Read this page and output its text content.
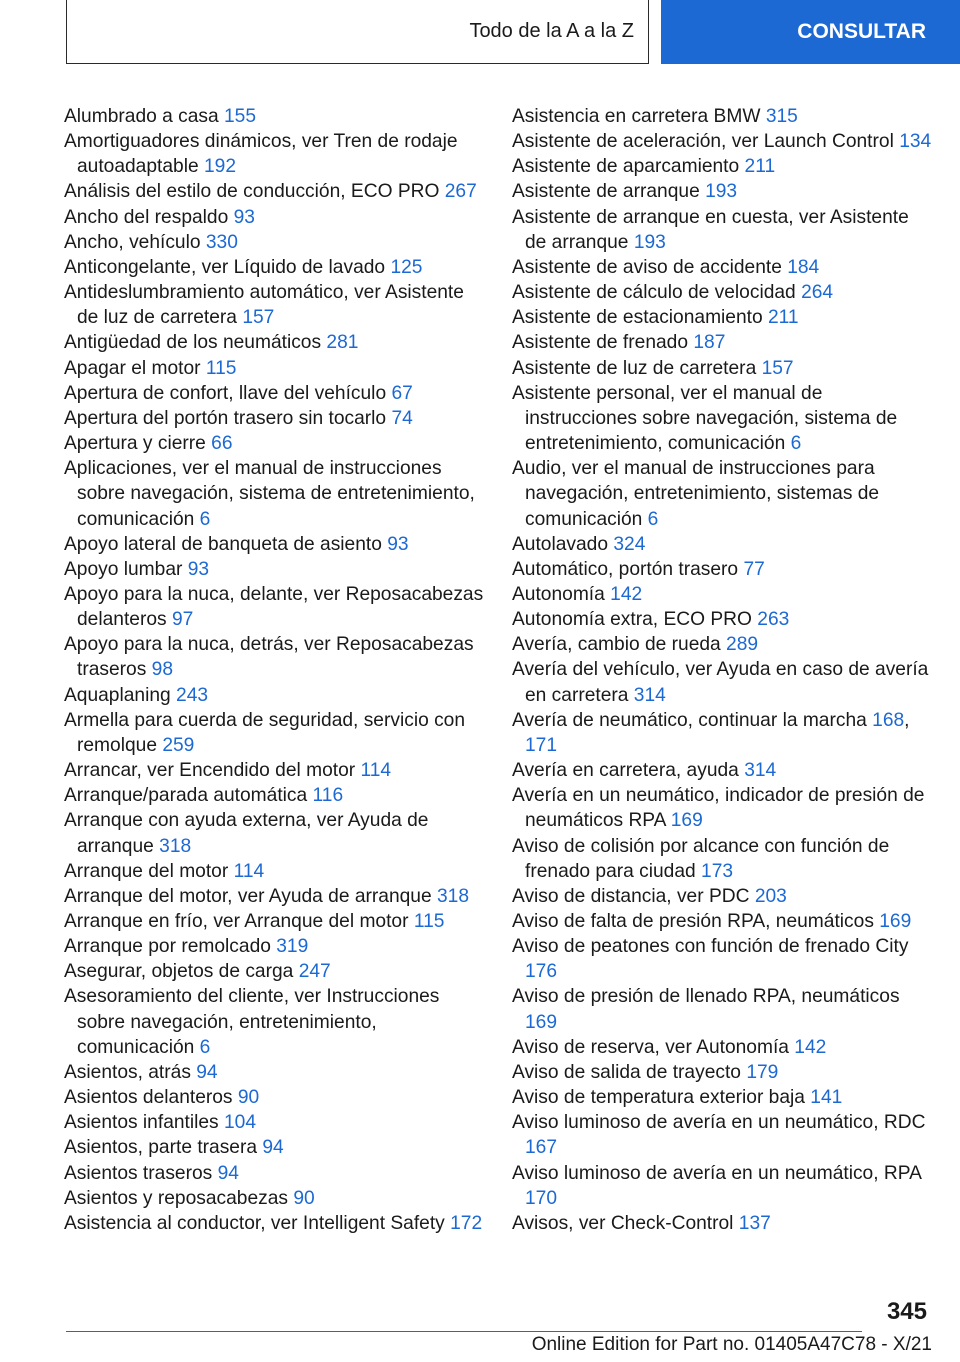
Todo de la A a la Z	CONSULTAR
Alumbrado a casa 155
Amortiguadores dinámicos, ver Tren de rodaje autoadaptable 192
Análisis del estilo de conducción, ECO PRO 267
Ancho del respaldo 93
Ancho, vehículo 330
Anticongelante, ver Líquido de lavado 125
Antideslumbramiento automático, ver Asistente de luz de carretera 157
Antigüedad de los neumáticos 281
Apagar el motor 115
Apertura de confort, llave del vehículo 67
Apertura del portón trasero sin tocarlo 74
Apertura y cierre 66
Aplicaciones, ver el manual de instrucciones sobre navegación, sistema de entretenimiento, comunicación 6
Apoyo lateral de banqueta de asiento 93
Apoyo lumbar 93
Apoyo para la nuca, delante, ver Reposacabezas delanteros 97
Apoyo para la nuca, detrás, ver Reposacabezas traseros 98
Aquaplaning 243
Armella para cuerda de seguridad, servicio con remolque 259
Arrancar, ver Encendido del motor 114
Arranque/parada automática 116
Arranque con ayuda externa, ver Ayuda de arranque 318
Arranque del motor 114
Arranque del motor, ver Ayuda de arranque 318
Arranque en frío, ver Arranque del motor 115
Arranque por remolcado 319
Asegurar, objetos de carga 247
Asesoramiento del cliente, ver Instrucciones sobre navegación, entretenimiento, comunicación 6
Asientos, atrás 94
Asientos delanteros 90
Asientos infantiles 104
Asientos, parte trasera 94
Asientos traseros 94
Asientos y reposacabezas 90
Asistencia al conductor, ver Intelligent Safety 172
Asistencia en carretera BMW 315
Asistente de aceleración, ver Launch Control 134
Asistente de aparcamiento 211
Asistente de arranque 193
Asistente de arranque en cuesta, ver Asistente de arranque 193
Asistente de aviso de accidente 184
Asistente de cálculo de velocidad 264
Asistente de estacionamiento 211
Asistente de frenado 187
Asistente de luz de carretera 157
Asistente personal, ver el manual de instrucciones sobre navegación, sistema de entretenimiento, comunicación 6
Audio, ver el manual de instrucciones para navegación, entretenimiento, sistemas de comunicación 6
Autolavado 324
Automático, portón trasero 77
Autonomía 142
Autonomía extra, ECO PRO 263
Avería, cambio de rueda 289
Avería del vehículo, ver Ayuda en caso de avería en carretera 314
Avería de neumático, continuar la marcha 168, 171
Avería en carretera, ayuda 314
Avería en un neumático, indicador de presión de neumáticos RPA 169
Aviso de colisión por alcance con función de frenado para ciudad 173
Aviso de distancia, ver PDC 203
Aviso de falta de presión RPA, neumáticos 169
Aviso de peatones con función de frenado City 176
Aviso de presión de llenado RPA, neumáticos 169
Aviso de reserva, ver Autonomía 142
Aviso de salida de trayecto 179
Aviso de temperatura exterior baja 141
Aviso luminoso de avería en un neumático, RDC 167
Aviso luminoso de avería en un neumático, RPA 170
Avisos, ver Check-Control 137
345
Online Edition for Part no. 01405A47C78 - X/21
